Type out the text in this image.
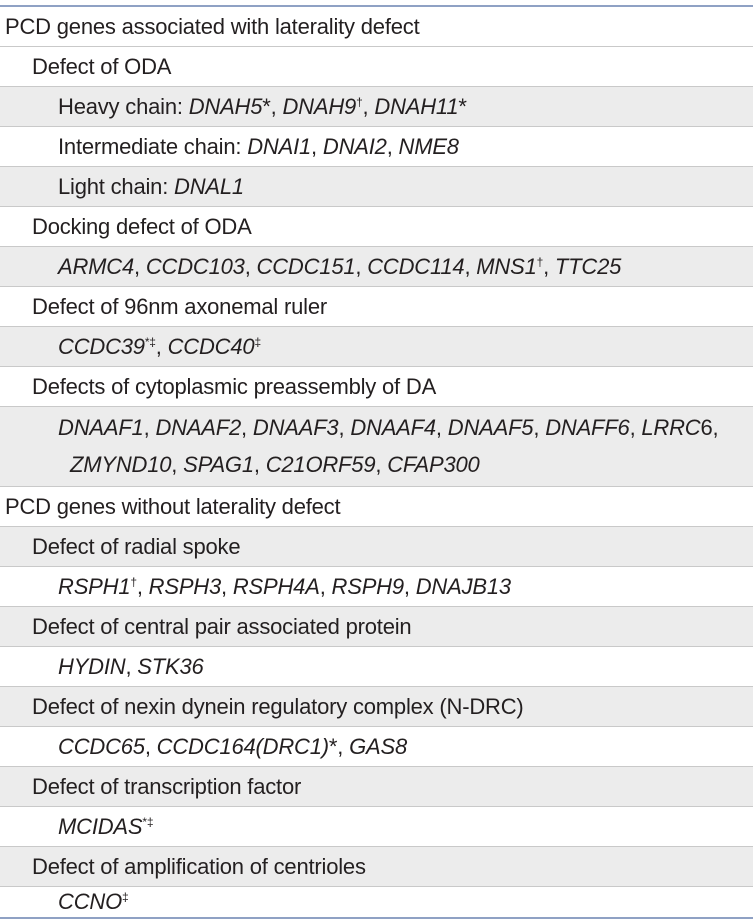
PCD genes associated with laterality defect
Defect of ODA
Heavy chain: DNAH5*, DNAH9†, DNAH11*
Intermediate chain: DNAI1, DNAI2, NME8
Light chain: DNAL1
Docking defect of ODA
ARMC4, CCDC103, CCDC151, CCDC114, MNS1†, TTC25
Defect of 96nm axonemal ruler
CCDC39*‡, CCDC40‡
Defects of cytoplasmic preassembly of DA
DNAAF1, DNAAF2, DNAAF3, DNAAF4, DNAAF5, DNAFF6, LRRC6,
ZMYND10, SPAG1, C21ORF59, CFAP300
PCD genes without laterality defect
Defect of radial spoke
RSPH1†, RSPH3, RSPH4A, RSPH9, DNAJB13
Defect of central pair associated protein
HYDIN, STK36
Defect of nexin dynein regulatory complex (N-DRC)
CCDC65, CCDC164(DRC1)*, GAS8
Defect of transcription factor
MCIDAS*‡
Defect of amplification of centrioles
CCNO‡
